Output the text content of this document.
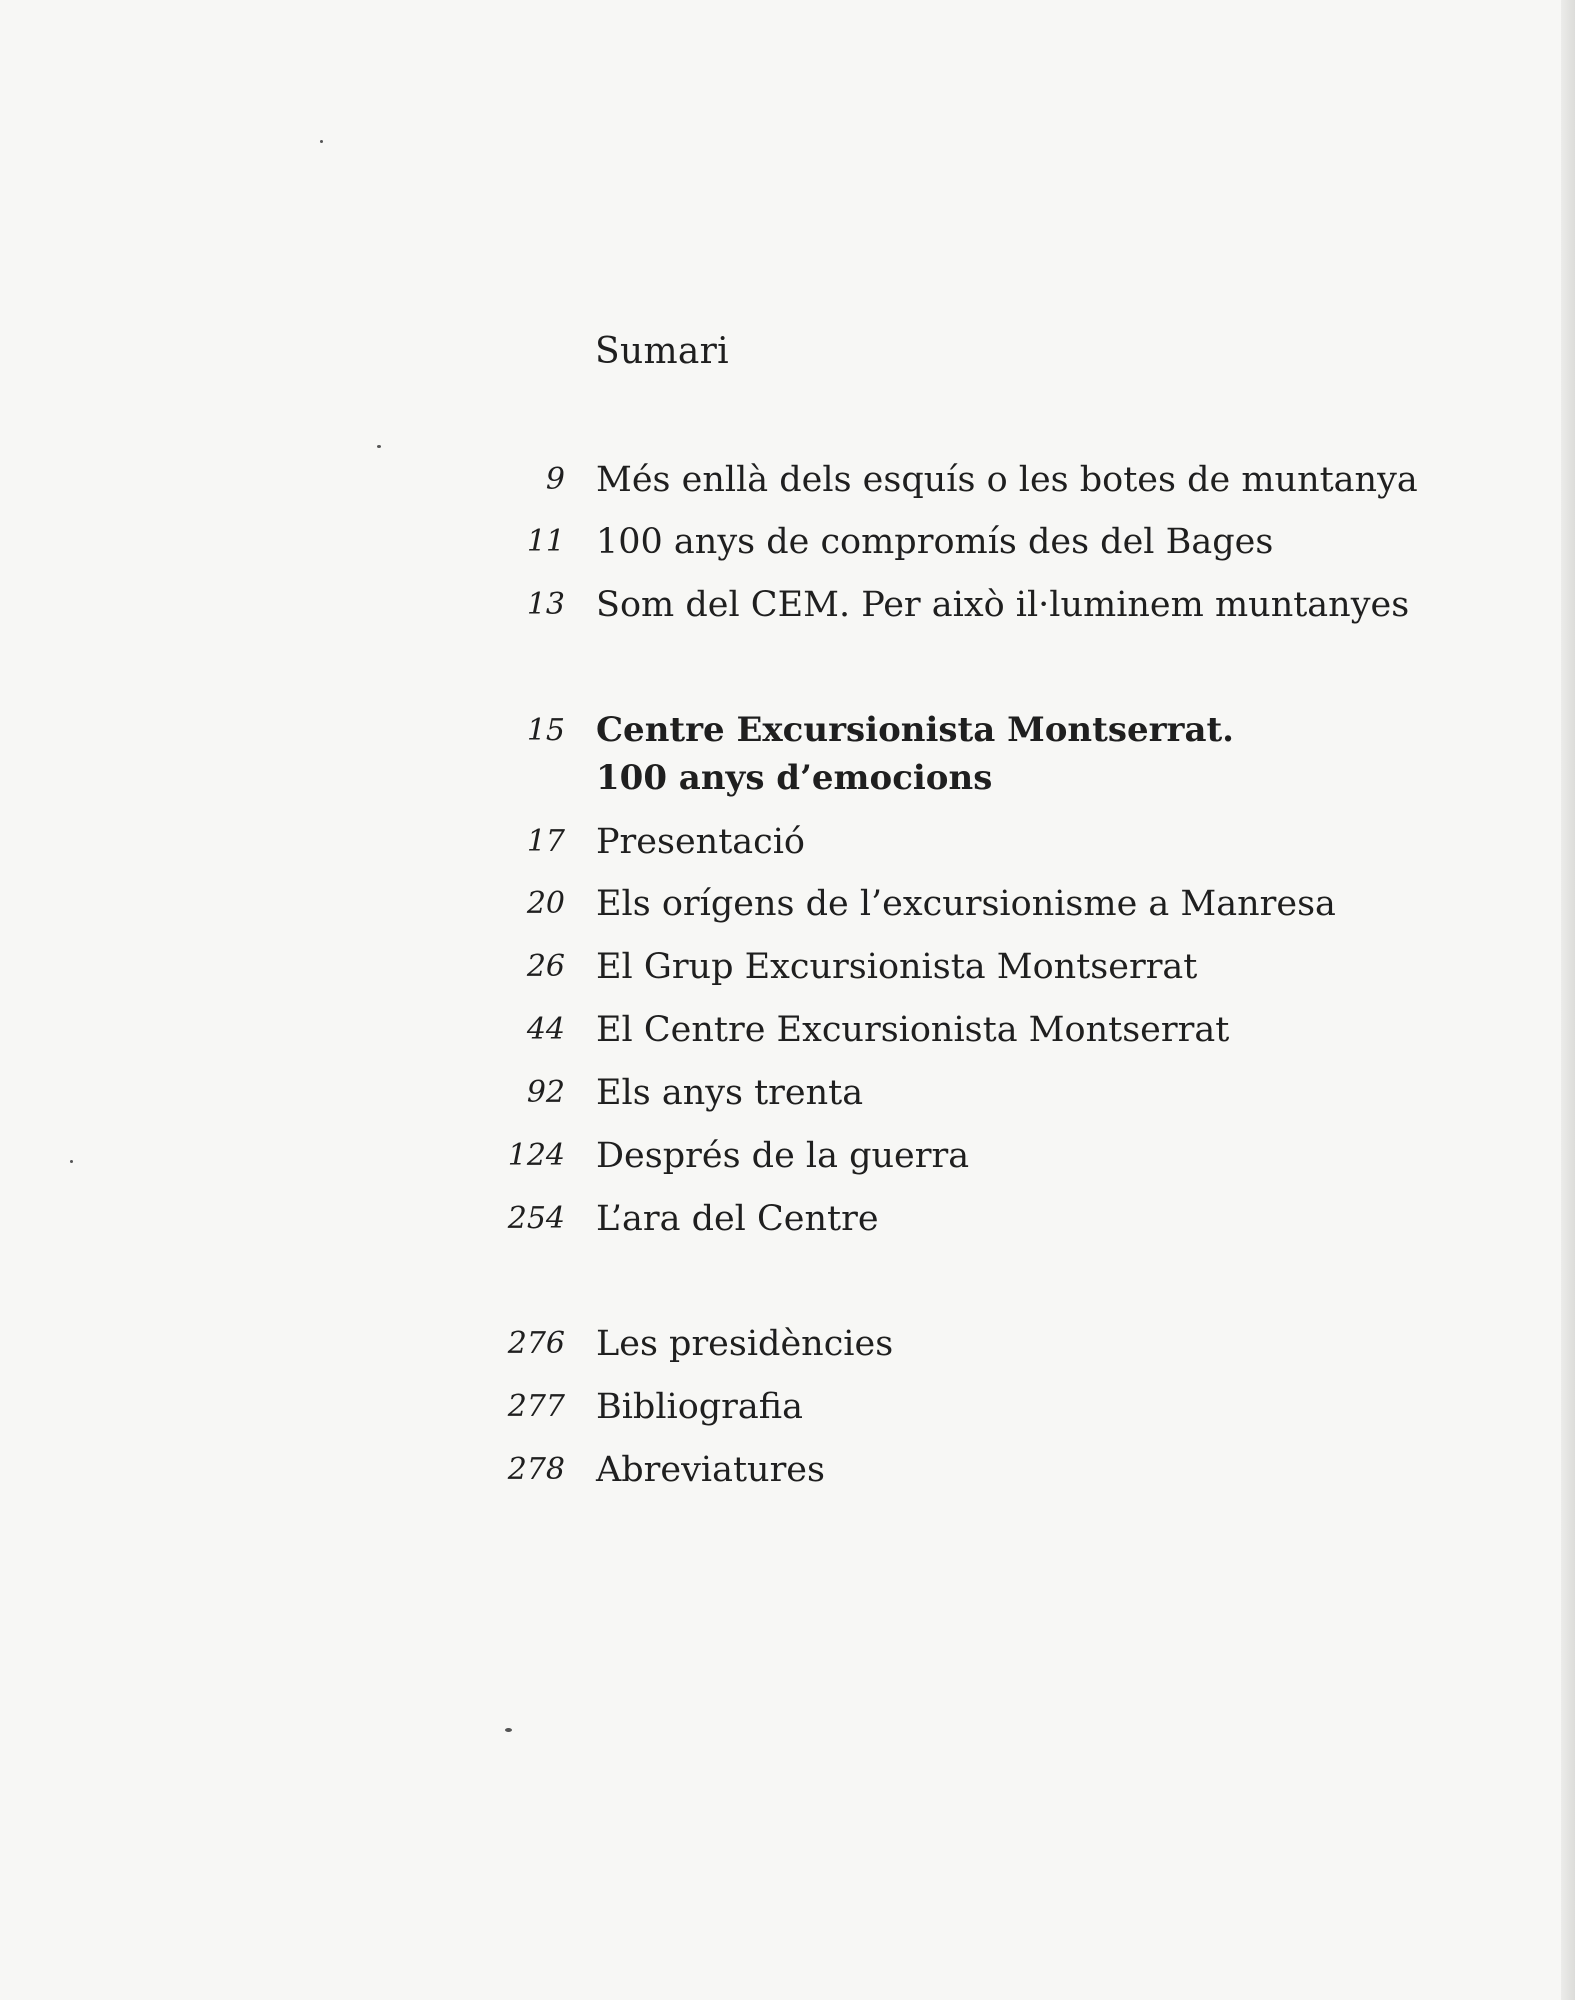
Sumari
9 Més enllà dels esquís o les botes de muntanya
11 100 anys de compromís des del Bages
13 Som del CEM. Per això il·luminem muntanyes
15 Centre Excursionista Montserrat.
100 anys d’emocions
17 Presentació
20 Els orígens de l’excursionisme a Manresa
26 El Grup Excursionista Montserrat
44 El Centre Excursionista Montserrat
92 Els anys trenta
124 Després de la guerra
254 L’ara del Centre
276 Les presidències
277 Bibliografia
278 Abreviatures
